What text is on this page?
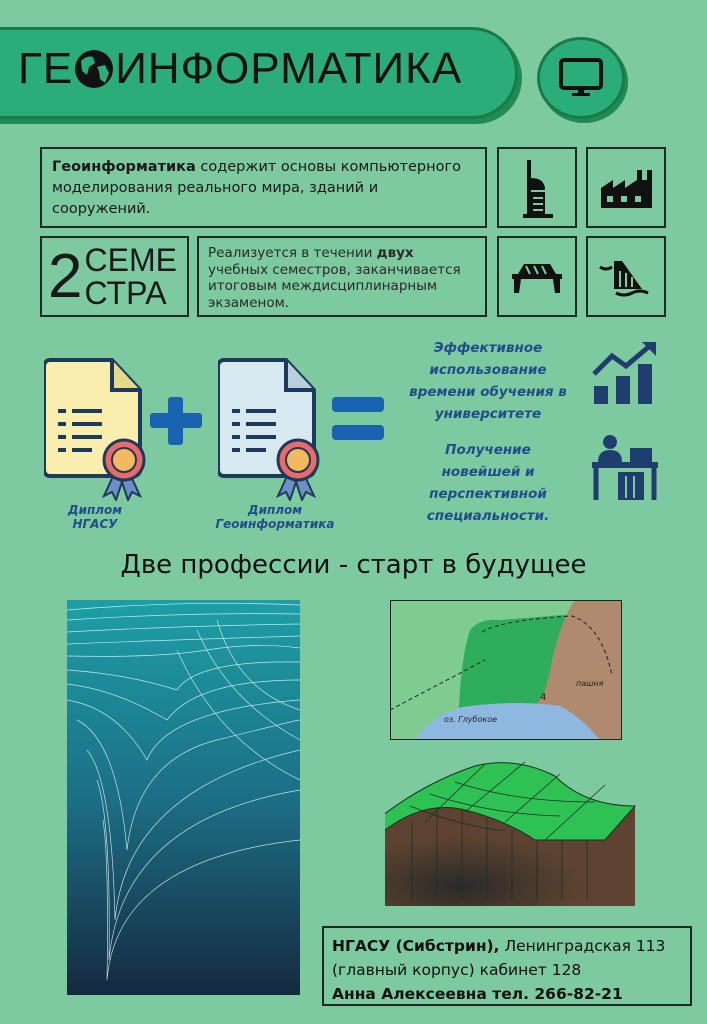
ГЕ ИНФОРМАТИКА
Геоинформатика содержит основы компьютерного моделирования реального мира, зданий и сооружений.
2 СЕМЕ
СТРА
Реализуется в течении двух учебных семестров, заканчивается итоговым междисциплинарным экзаменом.
Диплом
НГАСУ
Диплом
Геоинформатика
Эффективное использование времени обучения в университете
Получение новейшей и перспективной специальности.
Две профессии - старт в будущее
оз. Глубокое
пашня
4
НГАСУ (Сибстрин), Ленинградская 113
(главный корпус) кабинет 128
Анна Алексеевна тел. 266-82-21
